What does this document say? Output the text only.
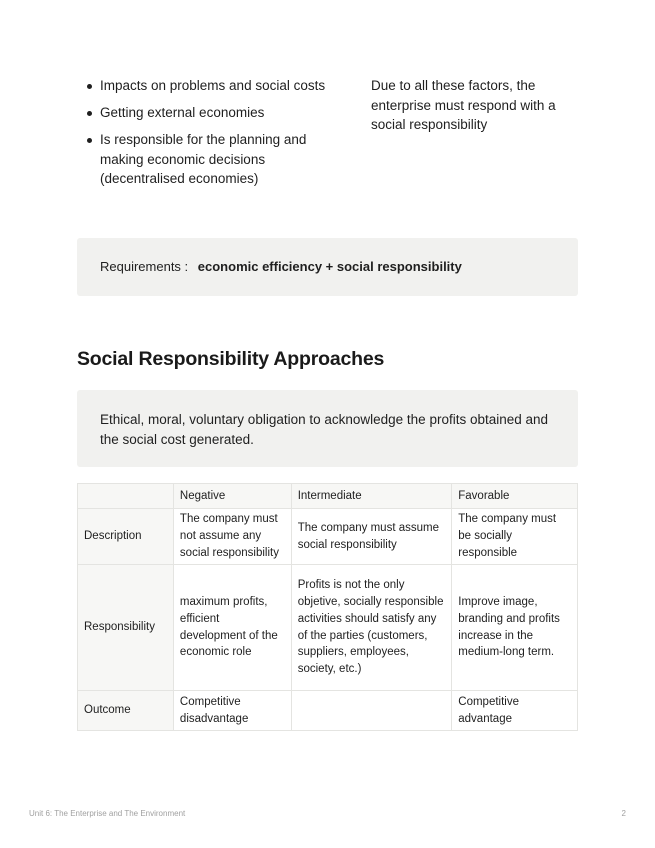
Impacts on problems and social costs
Getting external economies
Is responsible for the planning and making economic decisions (decentralised economies)
Due to all these factors, the enterprise must respond with a social responsibility
Requirements : economic efficiency + social responsibility
Social Responsibility Approaches
Ethical, moral, voluntary obligation to acknowledge the profits obtained and the social cost generated.
	Negative	Intermediate	Favorable
Description	The company must not assume any social responsibility	The company must assume social responsibility	The company must be socially responsible
Responsibility	maximum profits, efficient development of the economic role	Profits is not the only objetive, socially responsible activities should satisfy any of the parties (customers, suppliers, employees, society, etc.)	Improve image, branding and profits increase in the medium-long term.
Outcome	Competitive disadvantage		Competitive advantage
Unit 6: The Enterprise and The Environment	2
